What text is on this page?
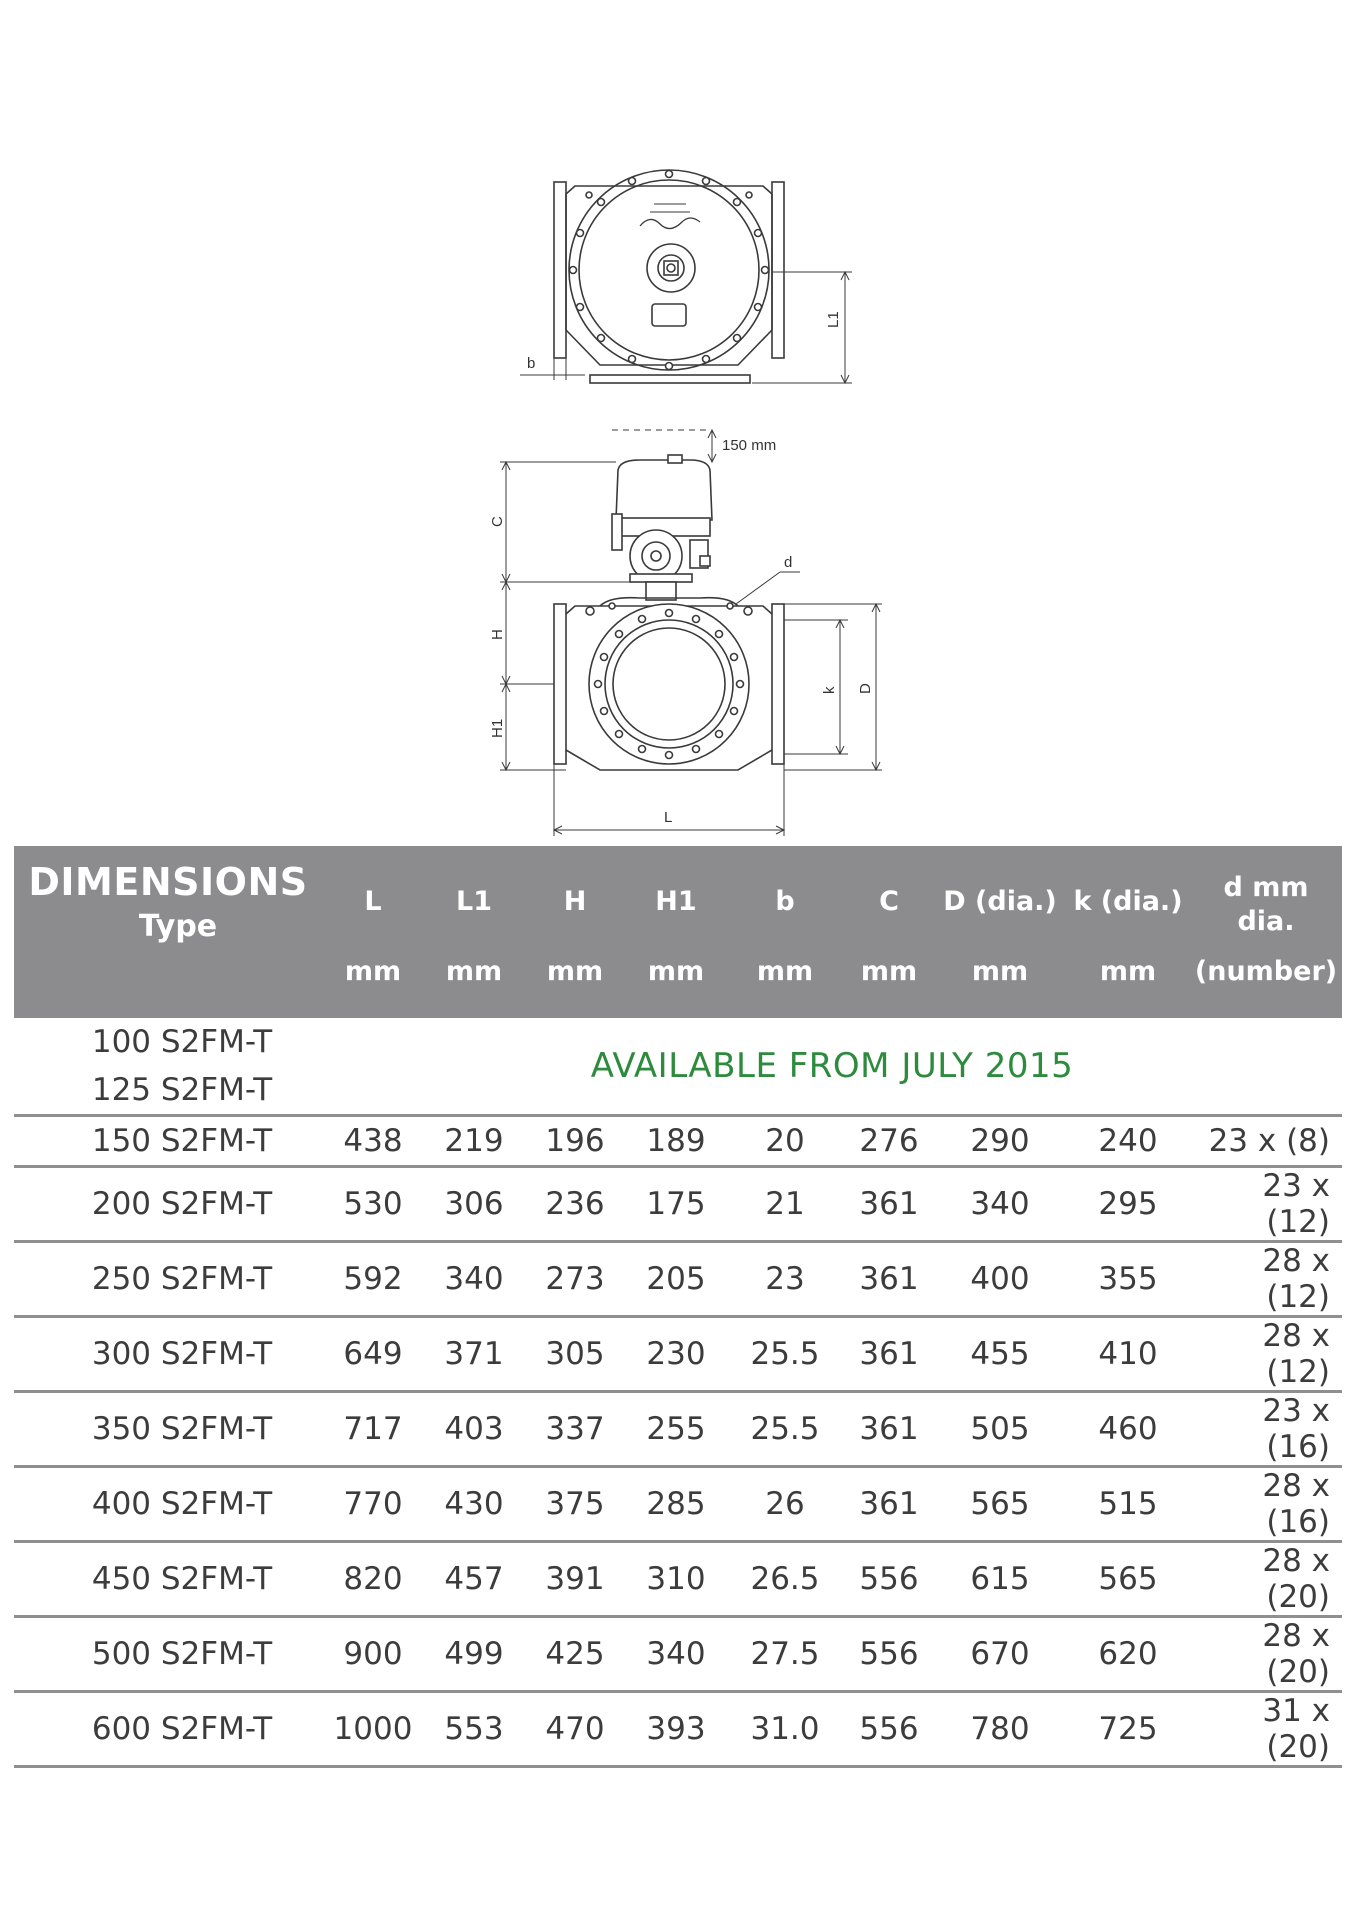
L1
b
150 mm
C
d
H
H1
k D
L
DIMENSIONS
Type	L	L1	H	H1	b	C	D (dia.)	k (dia.)	d mm dia.

	mm	mm	mm	mm	mm	mm	mm	mm	(number)

100 S2FM-T
125 S2FM-T	AVAILABLE FROM JULY 2015								
150 S2FM-T	438	219	196	189	20	276	290	240	23 x (8)
200 S2FM-T	530	306	236	175	21	361	340	295	23 x (12)
250 S2FM-T	592	340	273	205	23	361	400	355	28 x (12)
300 S2FM-T	649	371	305	230	25.5	361	455	410	28 x (12)
350 S2FM-T	717	403	337	255	25.5	361	505	460	23 x (16)
400 S2FM-T	770	430	375	285	26	361	565	515	28 x (16)
450 S2FM-T	820	457	391	310	26.5	556	615	565	28 x (20)
500 S2FM-T	900	499	425	340	27.5	556	670	620	28 x (20)
600 S2FM-T	1000	553	470	393	31.0	556	780	725	31 x (20)
